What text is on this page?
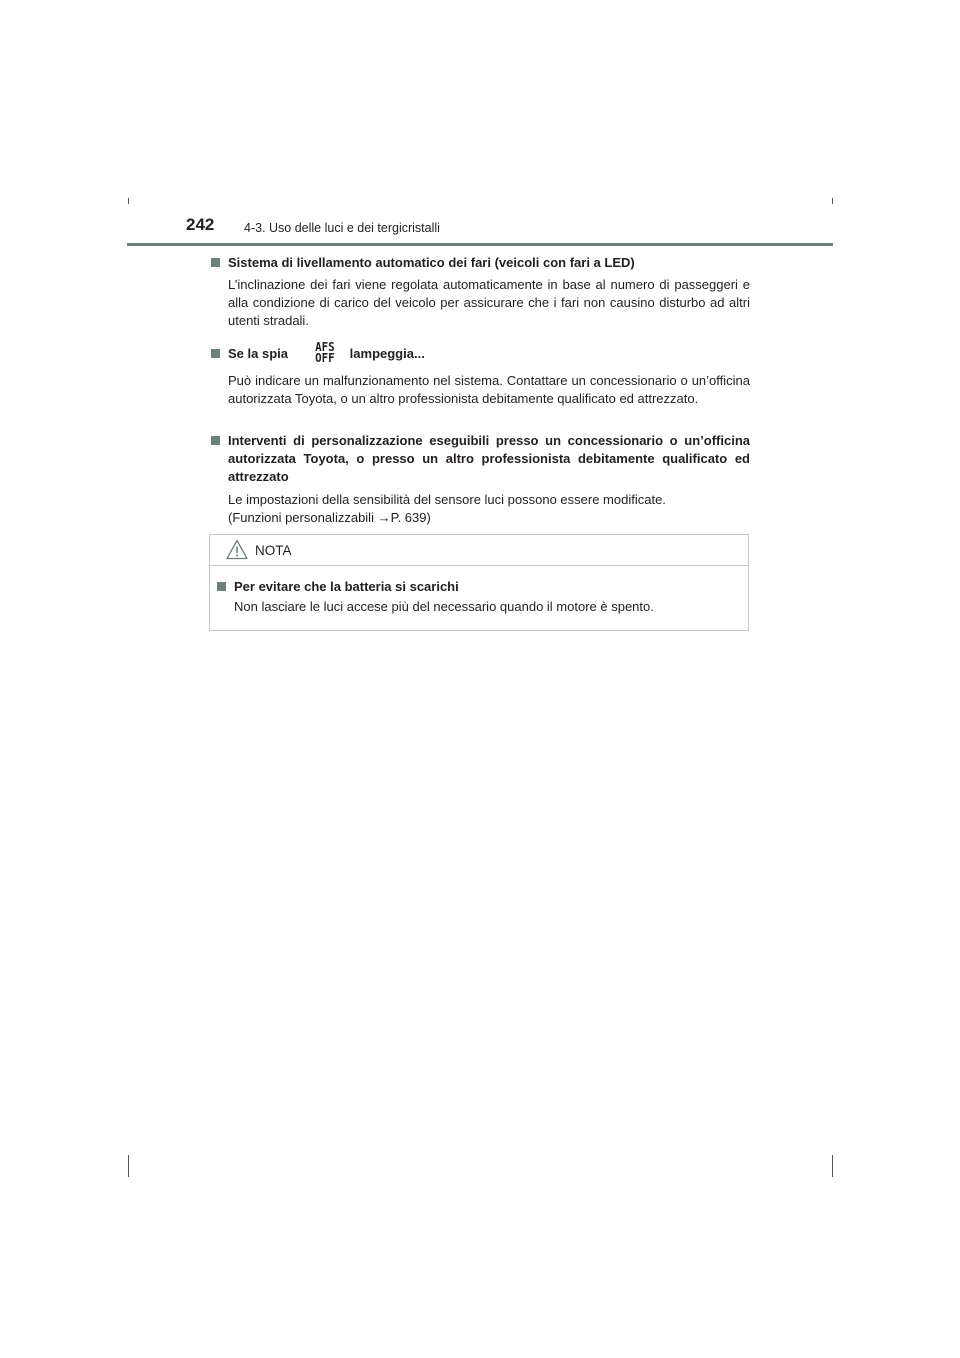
242 4-3. Uso delle luci e dei tergicristalli
Sistema di livellamento automatico dei fari (veicoli con fari a LED)
L’inclinazione dei fari viene regolata automaticamente in base al numero di passeggeri e alla condizione di carico del veicolo per assicurare che i fari non causino disturbo ad altri utenti stradali.
Se la spia AFS
OFF lampeggia...
Può indicare un malfunzionamento nel sistema. Contattare un concessionario o un’officina autorizzata Toyota, o un altro professionista debitamente qualificato ed attrezzato.
Interventi di personalizzazione eseguibili presso un concessionario o un’officina autorizzata Toyota, o presso un altro professionista debitamente qualificato ed attrezzato
Le impostazioni della sensibilità del sensore luci possono essere modificate.
(Funzioni personalizzabili →P. 639)
NOTA
Per evitare che la batteria si scarichi
Non lasciare le luci accese più del necessario quando il motore è spento.
